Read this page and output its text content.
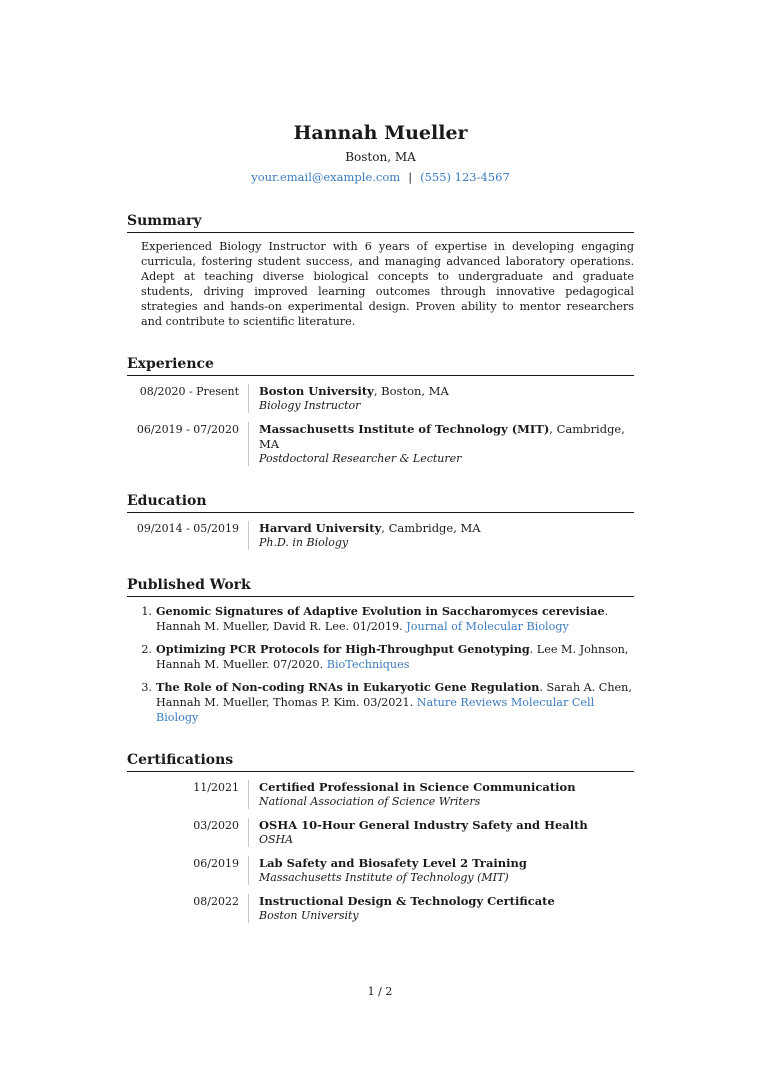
Hannah Mueller
Boston, MA
your.email@example.com | (555) 123-4567
Summary

Experienced Biology Instructor with 6 years of expertise in developing engaging curricula, fostering student success, and managing advanced laboratory operations. Adept at teaching diverse biological concepts to undergraduate and graduate students, driving improved learning outcomes through innovative pedagogical strategies and hands-on experimental design. Proven ability to mentor researchers and contribute to scientific literature.

Experience
08/2020 - Present	Boston University, Boston, MA
Biology Instructor
06/2019 - 07/2020	Massachusetts Institute of Technology (MIT), Cambridge, MA
Postdoctoral Researcher & Lecturer
Education
09/2014 - 05/2019	Harvard University, Cambridge, MA
Ph.D. in Biology
Published Work
1. Genomic Signatures of Adaptive Evolution in Saccharomyces cerevisiae. Hannah M. Mueller, David R. Lee. 01/2019. Journal of Molecular Biology
2. Optimizing PCR Protocols for High-Throughput Genotyping. Lee M. Johnson, Hannah M. Mueller. 07/2020. BioTechniques
3. The Role of Non-coding RNAs in Eukaryotic Gene Regulation. Sarah A. Chen, Hannah M. Mueller, Thomas P. Kim. 03/2021. Nature Reviews Molecular Cell Biology
Certifications
11/2021	Certified Professional in Science Communication
National Association of Science Writers
03/2020	OSHA 10-Hour General Industry Safety and Health
OSHA
06/2019	Lab Safety and Biosafety Level 2 Training
Massachusetts Institute of Technology (MIT)
08/2022	Instructional Design & Technology Certificate
Boston University
1 / 2
